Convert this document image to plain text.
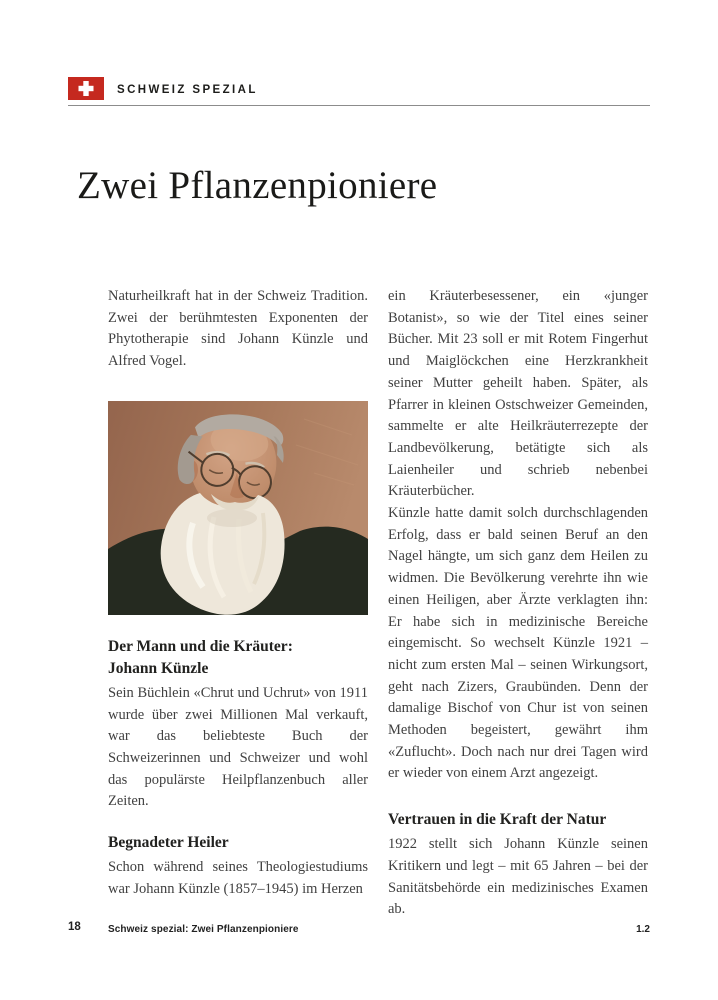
SCHWEIZ SPEZIAL
Zwei Pflanzenpioniere

Naturheilkraft hat in der Schweiz Tradition. Zwei der berühmtesten Exponenten der Phytotherapie sind Johann Künzle und Alfred Vogel.

Der Mann und die Kräuter:
Johann Künzle

Sein Büchlein «Chrut und Uchrut» von 1911 wurde über zwei Millionen Mal verkauft, war das beliebteste Buch der Schweizerinnen und Schweizer und wohl das populärste Heilpflanzenbuch aller Zeiten.

Begnadeter Heiler

Schon während seines Theologiestudiums war Johann Künzle (1857–1945) im Herzen

ein Kräuterbesessener, ein «junger Botanist», so wie der Titel eines seiner Bücher. Mit 23 soll er mit Rotem Fingerhut und Maiglöckchen eine Herzkrankheit seiner Mutter geheilt haben. Später, als Pfarrer in kleinen Ostschweizer Gemeinden, sammelte er alte Heilkräuterrezepte der Landbevölkerung, betätigte sich als Laienheiler und schrieb nebenbei Kräuterbücher.

Künzle hatte damit solch durchschlagenden Erfolg, dass er bald seinen Beruf an den Nagel hängte, um sich ganz dem Heilen zu widmen. Die Bevölkerung verehrte ihn wie einen Heiligen, aber Ärzte verklagten ihn: Er habe sich in medizinische Bereiche eingemischt. So wechselt Künzle 1921 – nicht zum ersten Mal – seinen Wirkungsort, geht nach Zizers, Graubünden. Denn der damalige Bischof von Chur ist von seinen Methoden begeistert, gewährt ihm «Zuflucht». Doch nach nur drei Tagen wird er wieder von einem Arzt angezeigt.

Vertrauen in die Kraft der Natur

1922 stellt sich Johann Künzle seinen Kritikern und legt – mit 65 Jahren – bei der Sanitätsbehörde ein medizinisches Examen ab.

18	Schweiz spezial: Zwei Pflanzenpioniere	1.2
